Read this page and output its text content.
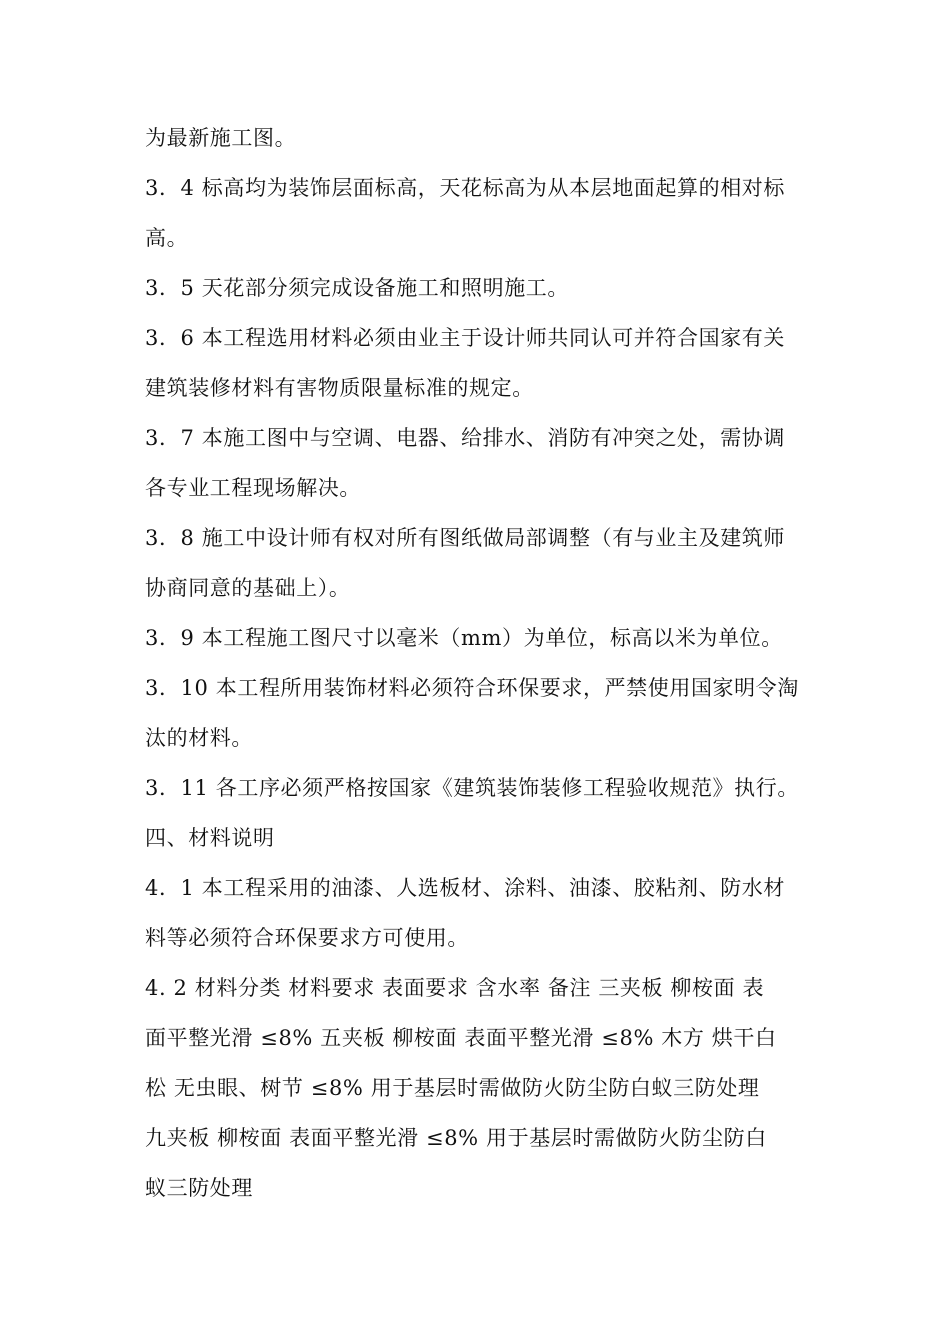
为最新施工图。
3．4 标高均为装饰层面标高，天花标高为从本层地面起算的相对标
高。
3．5 天花部分须完成设备施工和照明施工。
3．6 本工程选用材料必须由业主于设计师共同认可并符合国家有关
建筑装修材料有害物质限量标准的规定。
3．7 本施工图中与空调、电器、给排水、消防有冲突之处，需协调
各专业工程现场解决。
3．8 施工中设计师有权对所有图纸做局部调整（有与业主及建筑师
协商同意的基础上）。
3．9 本工程施工图尺寸以毫米（mm）为单位，标高以米为单位。
3．10 本工程所用装饰材料必须符合环保要求，严禁使用国家明令淘
汰的材料。
3．11 各工序必须严格按国家《建筑装饰装修工程验收规范》执行。
四、材料说明
4．1 本工程采用的油漆、人选板材、涂料、油漆、胶粘剂、防水材
料等必须符合环保要求方可使用。
4. 2 材料分类 材料要求 表面要求 含水率 备注 三夹板 柳桉面 表
面平整光滑 ≤8% 五夹板 柳桉面 表面平整光滑 ≤8% 木方 烘干白
松 无虫眼、树节 ≤8% 用于基层时需做防火防尘防白蚁三防处理
九夹板 柳桉面 表面平整光滑 ≤8% 用于基层时需做防火防尘防白
蚁三防处理
